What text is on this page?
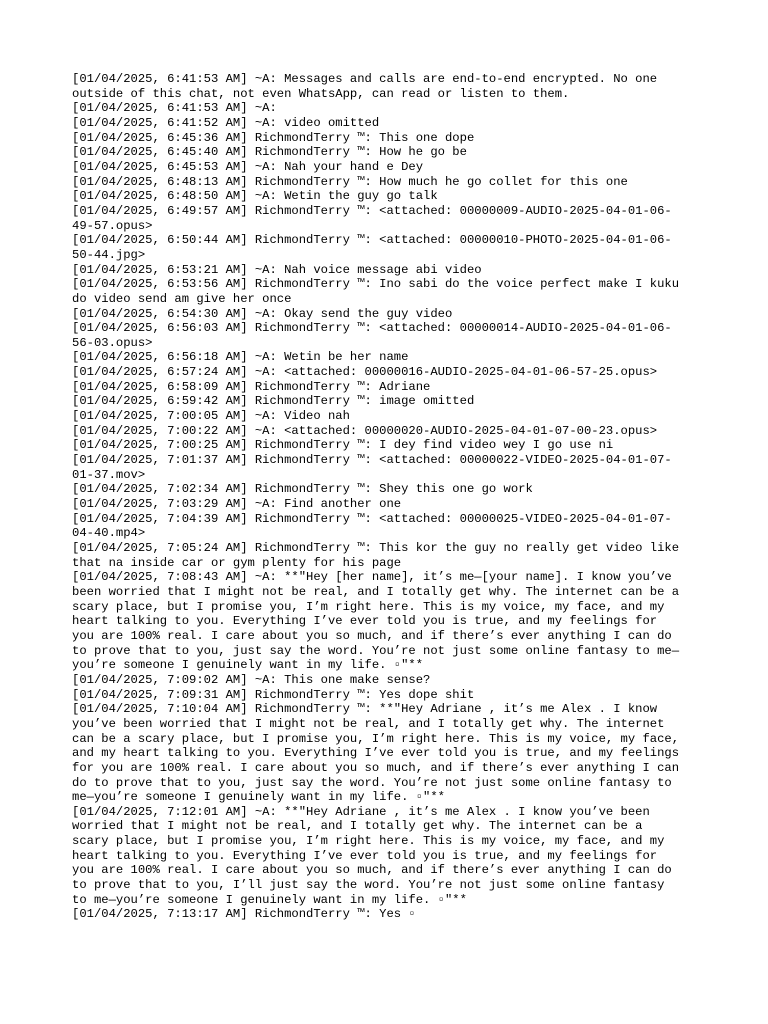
[01/04/2025, 6:41:53 AM] ~A: Messages and calls are end-to-end encrypted. No one
outside of this chat, not even WhatsApp, can read or listen to them.
[01/04/2025, 6:41:53 AM] ~A:
[01/04/2025, 6:41:52 AM] ~A: video omitted
[01/04/2025, 6:45:36 AM] RichmondTerry ™: This one dope
[01/04/2025, 6:45:40 AM] RichmondTerry ™: How he go be
[01/04/2025, 6:45:53 AM] ~A: Nah your hand e Dey
[01/04/2025, 6:48:13 AM] RichmondTerry ™: How much he go collet for this one
[01/04/2025, 6:48:50 AM] ~A: Wetin the guy go talk
[01/04/2025, 6:49:57 AM] RichmondTerry ™: <attached: 00000009-AUDIO-2025-04-01-06-
49-57.opus>
[01/04/2025, 6:50:44 AM] RichmondTerry ™: <attached: 00000010-PHOTO-2025-04-01-06-
50-44.jpg>
[01/04/2025, 6:53:21 AM] ~A: Nah voice message abi video
[01/04/2025, 6:53:56 AM] RichmondTerry ™: Ino sabi do the voice perfect make I kuku
do video send am give her once
[01/04/2025, 6:54:30 AM] ~A: Okay send the guy video
[01/04/2025, 6:56:03 AM] RichmondTerry ™: <attached: 00000014-AUDIO-2025-04-01-06-
56-03.opus>
[01/04/2025, 6:56:18 AM] ~A: Wetin be her name
[01/04/2025, 6:57:24 AM] ~A: <attached: 00000016-AUDIO-2025-04-01-06-57-25.opus>
[01/04/2025, 6:58:09 AM] RichmondTerry ™: Adriane
[01/04/2025, 6:59:42 AM] RichmondTerry ™: image omitted
[01/04/2025, 7:00:05 AM] ~A: Video nah
[01/04/2025, 7:00:22 AM] ~A: <attached: 00000020-AUDIO-2025-04-01-07-00-23.opus>
[01/04/2025, 7:00:25 AM] RichmondTerry ™: I dey find video wey I go use ni
[01/04/2025, 7:01:37 AM] RichmondTerry ™: <attached: 00000022-VIDEO-2025-04-01-07-
01-37.mov>
[01/04/2025, 7:02:34 AM] RichmondTerry ™: Shey this one go work
[01/04/2025, 7:03:29 AM] ~A: Find another one
[01/04/2025, 7:04:39 AM] RichmondTerry ™: <attached: 00000025-VIDEO-2025-04-01-07-
04-40.mp4>
[01/04/2025, 7:05:24 AM] RichmondTerry ™: This kor the guy no really get video like
that na inside car or gym plenty for his page
[01/04/2025, 7:08:43 AM] ~A: **"Hey [her name], it’s me—[your name]. I know you’ve
been worried that I might not be real, and I totally get why. The internet can be a
scary place, but I promise you, I’m right here. This is my voice, my face, and my
heart talking to you. Everything I’ve ever told you is true, and my feelings for
you are 100% real. I care about you so much, and if there’s ever anything I can do
to prove that to you, just say the word. You’re not just some online fantasy to me—
you’re someone I genuinely want in my life. ▫"**
[01/04/2025, 7:09:02 AM] ~A: This one make sense?
[01/04/2025, 7:09:31 AM] RichmondTerry ™: Yes dope shit
[01/04/2025, 7:10:04 AM] RichmondTerry ™: **"Hey Adriane , it’s me Alex . I know
you’ve been worried that I might not be real, and I totally get why. The internet
can be a scary place, but I promise you, I’m right here. This is my voice, my face,
and my heart talking to you. Everything I’ve ever told you is true, and my feelings
for you are 100% real. I care about you so much, and if there’s ever anything I can
do to prove that to you, just say the word. You’re not just some online fantasy to
me—you’re someone I genuinely want in my life. ▫"**
[01/04/2025, 7:12:01 AM] ~A: **"Hey Adriane , it’s me Alex . I know you’ve been
worried that I might not be real, and I totally get why. The internet can be a
scary place, but I promise you, I’m right here. This is my voice, my face, and my
heart talking to you. Everything I’ve ever told you is true, and my feelings for
you are 100% real. I care about you so much, and if there’s ever anything I can do
to prove that to you, I’ll just say the word. You’re not just some online fantasy
to me—you’re someone I genuinely want in my life. ▫"**
[01/04/2025, 7:13:17 AM] RichmondTerry ™: Yes ▫
